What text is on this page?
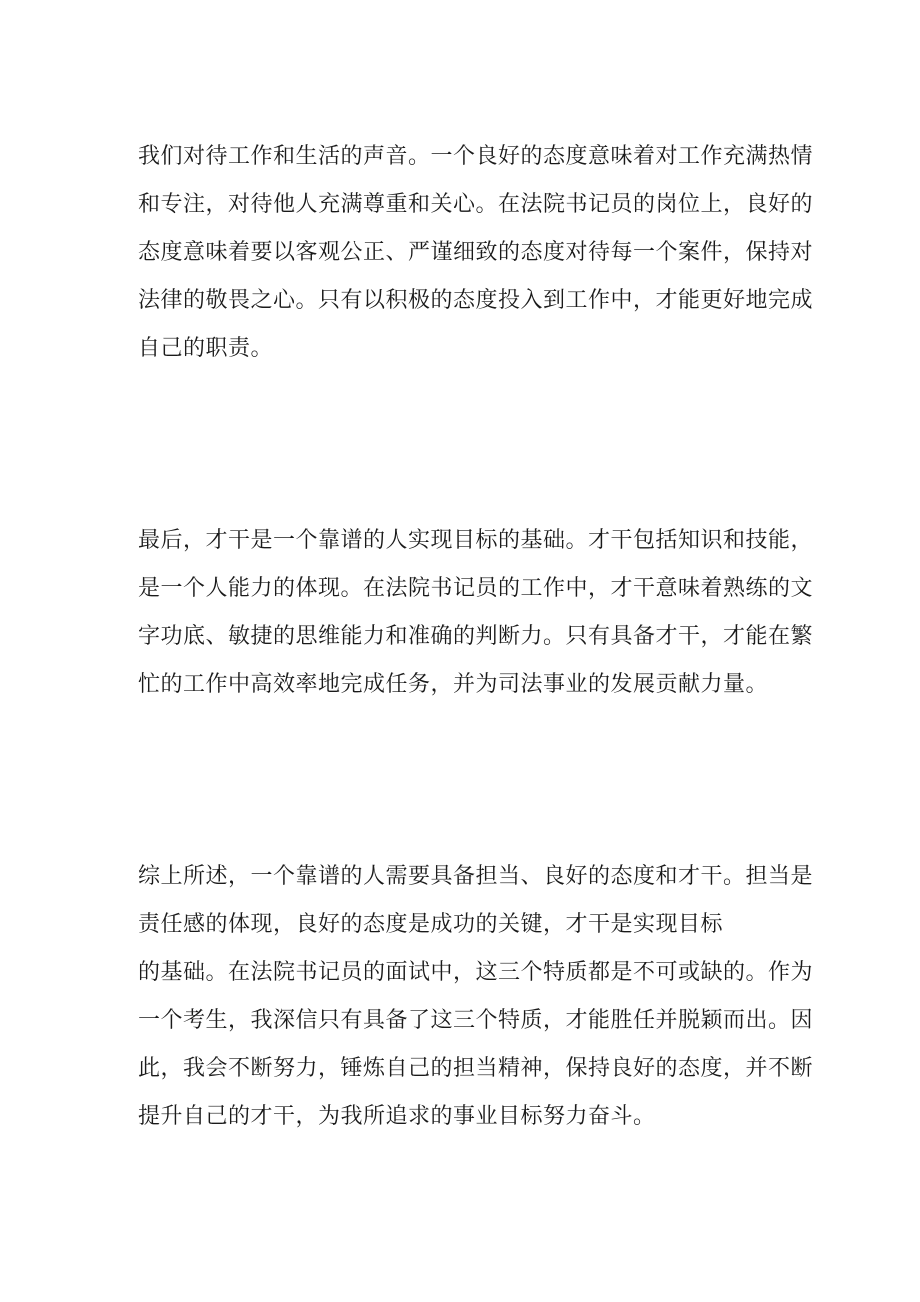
我们对待工作和生活的声音。一个良好的态度意味着对工作充满热情
和专注，对待他人充满尊重和关心。在法院书记员的岗位上，良好的
态度意味着要以客观公正、严谨细致的态度对待每一个案件，保持对
法律的敬畏之心。只有以积极的态度投入到工作中，才能更好地完成
自己的职责。
最后，才干是一个靠谱的人实现目标的基础。才干包括知识和技能，
是一个人能力的体现。在法院书记员的工作中，才干意味着熟练的文
字功底、敏捷的思维能力和准确的判断力。只有具备才干，才能在繁
忙的工作中高效率地完成任务，并为司法事业的发展贡献力量。
综上所述，一个靠谱的人需要具备担当、良好的态度和才干。担当是
责任感的体现，良好的态度是成功的关键，才干是实现目标
的基础。在法院书记员的面试中，这三个特质都是不可或缺的。作为
一个考生，我深信只有具备了这三个特质，才能胜任并脱颖而出。因
此，我会不断努力，锤炼自己的担当精神，保持良好的态度，并不断
提升自己的才干，为我所追求的事业目标努力奋斗。
